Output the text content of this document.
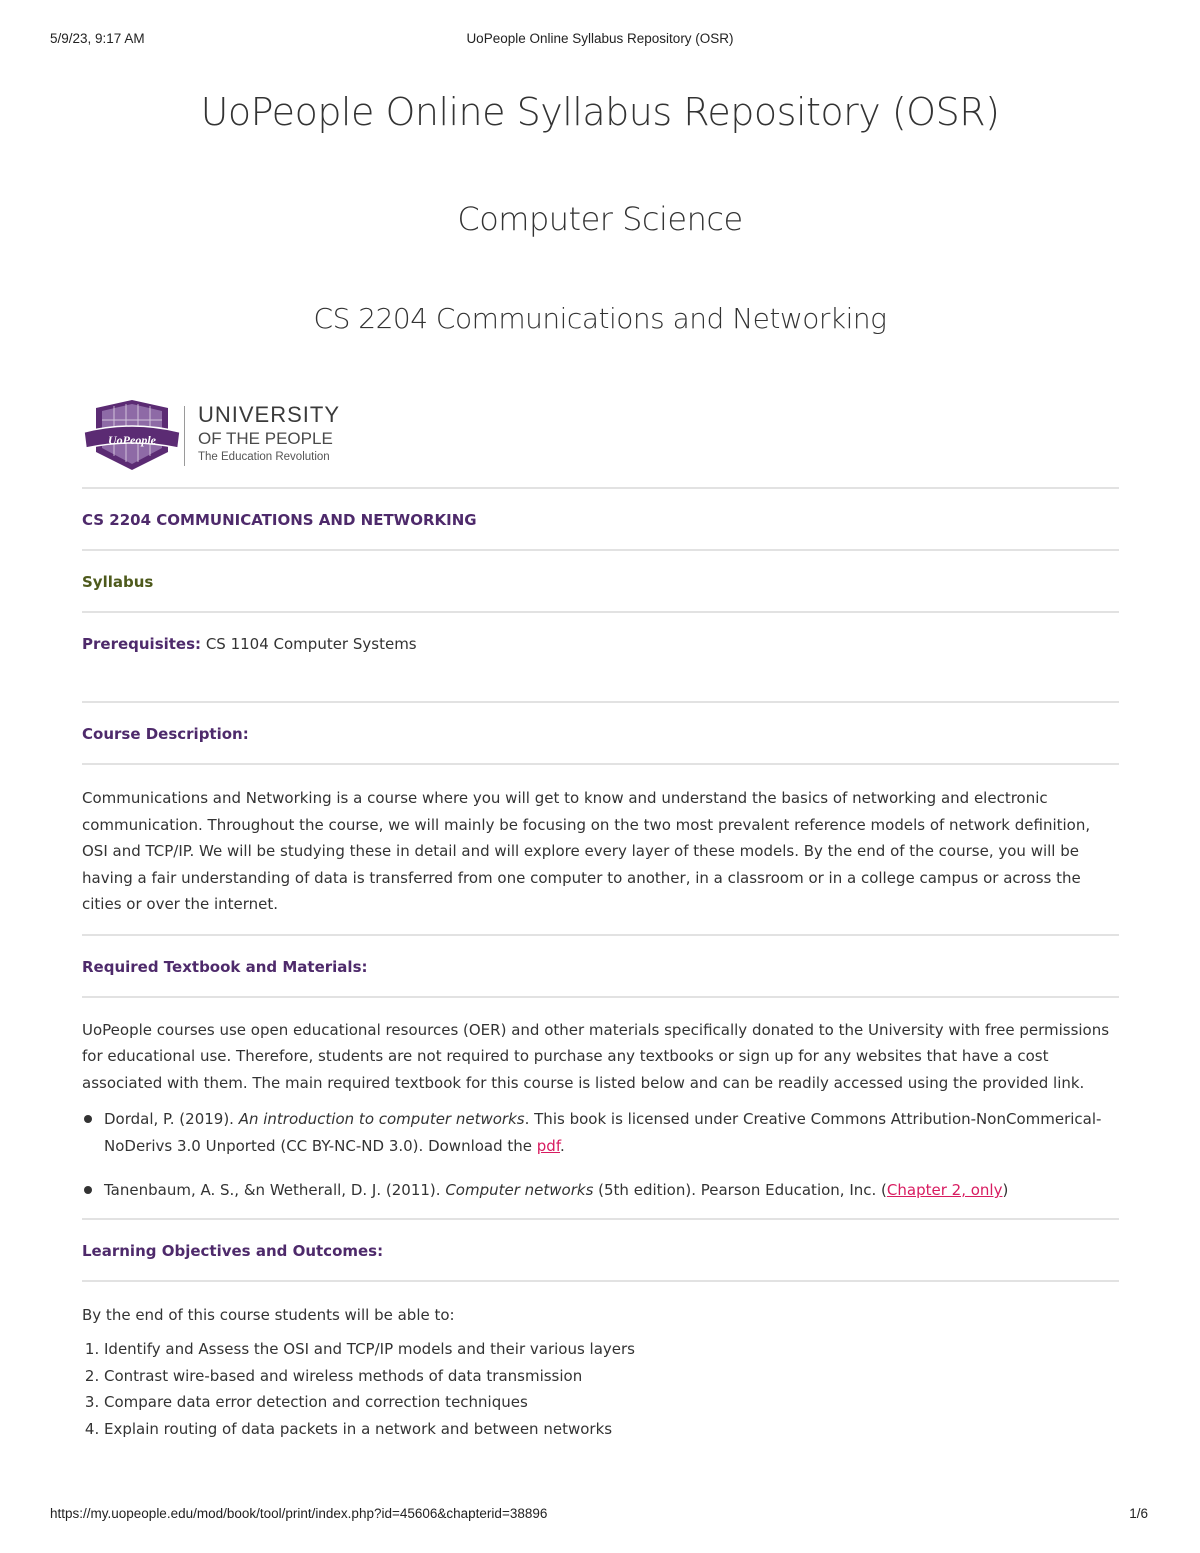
5/9/23, 9:17 AM	UoPeople Online Syllabus Repository (OSR)
UoPeople Online Syllabus Repository (OSR)
Computer Science
CS 2204 Communications and Networking
UoPeople
UNIVERSITY
OF THE PEOPLE
The Education Revolution
CS 2204 COMMUNICATIONS AND NETWORKING
Syllabus
Prerequisites: CS 1104 Computer Systems
Course Description:

Communications and Networking is a course where you will get to know and understand the basics of networking and electronic communication. Throughout the course, we will mainly be focusing on the two most prevalent reference models of network definition, OSI and TCP/IP. We will be studying these in detail and will explore every layer of these models. By the end of the course, you will be having a fair understanding of data is transferred from one computer to another, in a classroom or in a college campus or across the cities or over the internet.

Required Textbook and Materials:

UoPeople courses use open educational resources (OER) and other materials specifically donated to the University with free permissions for educational use. Therefore, students are not required to purchase any textbooks or sign up for any websites that have a cost associated with them. The main required textbook for this course is listed below and can be readily accessed using the provided link.

Dordal, P. (2019). An introduction to computer networks. This book is licensed under Creative Commons Attribution-NonCommerical-NoDerivs 3.0 Unported (CC BY-NC-ND 3.0). Download the pdf.
Tanenbaum, A. S., &n Wetherall, D. J. (2011). Computer networks (5th edition). Pearson Education, Inc. (Chapter 2, only)
Learning Objectives and Outcomes:

By the end of this course students will be able to:

1. Identify and Assess the OSI and TCP/IP models and their various layers
2. Contrast wire-based and wireless methods of data transmission
3. Compare data error detection and correction techniques
4. Explain routing of data packets in a network and between networks
https://my.uopeople.edu/mod/book/tool/print/index.php?id=45606&chapterid=38896	1/6
